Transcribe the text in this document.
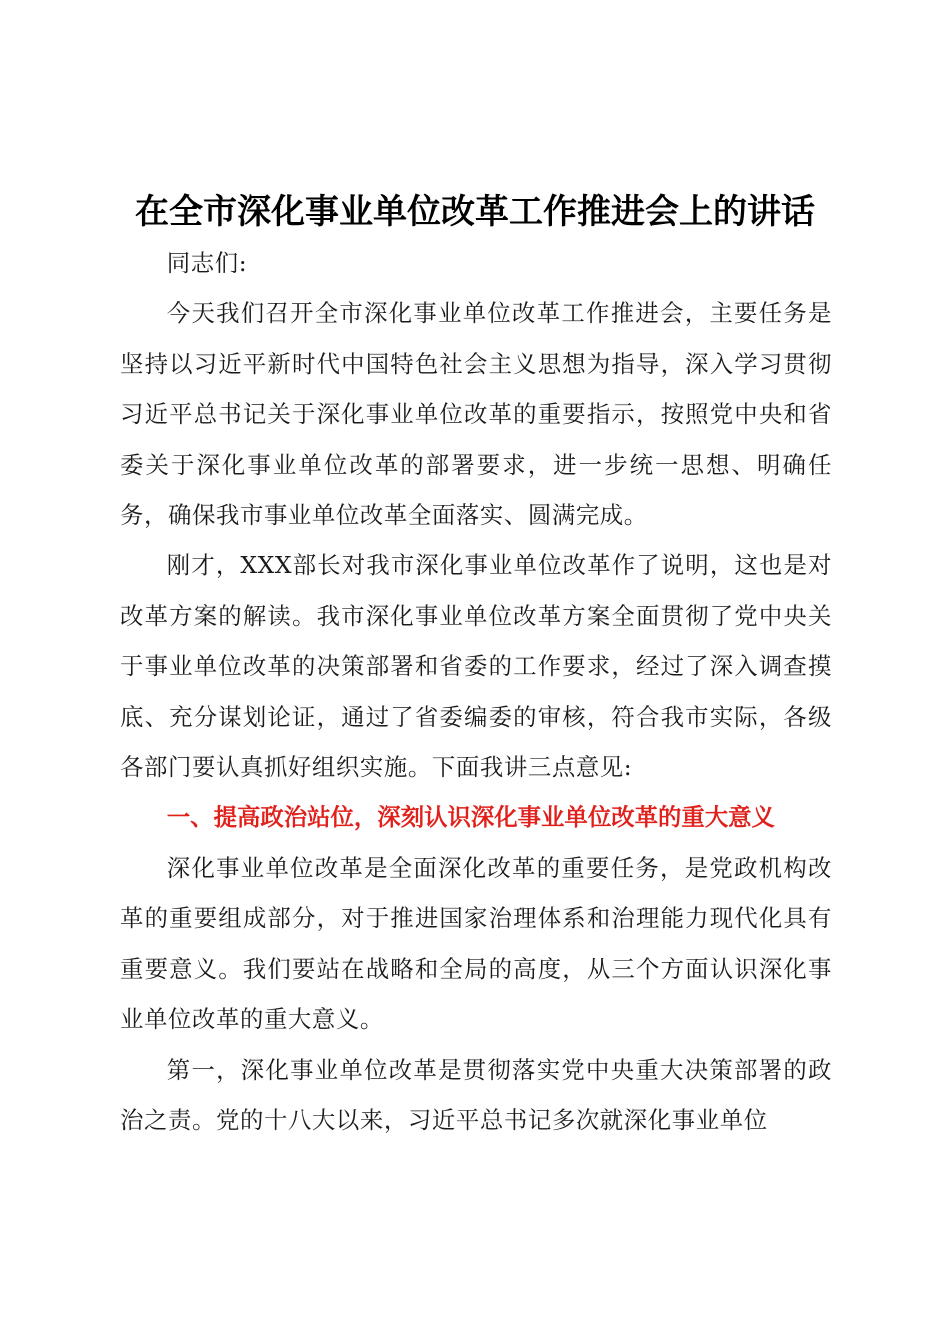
在全市深化事业单位改革工作推进会上的讲话

同志们:

今天我们召开全市深化事业单位改革工作推进会，主要任务是坚持以习近平新时代中国特色社会主义思想为指导，深入学习贯彻习近平总书记关于深化事业单位改革的重要指示，按照党中央和省委关于深化事业单位改革的部署要求，进一步统一思想、明确任务，确保我市事业单位改革全面落实、圆满完成。

刚才，XXX部长对我市深化事业单位改革作了说明，这也是对改革方案的解读。我市深化事业单位改革方案全面贯彻了党中央关于事业单位改革的决策部署和省委的工作要求，经过了深入调查摸底、充分谋划论证，通过了省委编委的审核，符合我市实际，各级各部门要认真抓好组织实施。下面我讲三点意见:

一、提高政治站位，深刻认识深化事业单位改革的重大意义

深化事业单位改革是全面深化改革的重要任务，是党政机构改革的重要组成部分，对于推进国家治理体系和治理能力现代化具有重要意义。我们要站在战略和全局的高度，从三个方面认识深化事业单位改革的重大意义。

第一，深化事业单位改革是贯彻落实党中央重大决策部署的政治之责。党的十八大以来，习近平总书记多次就深化事业单位
